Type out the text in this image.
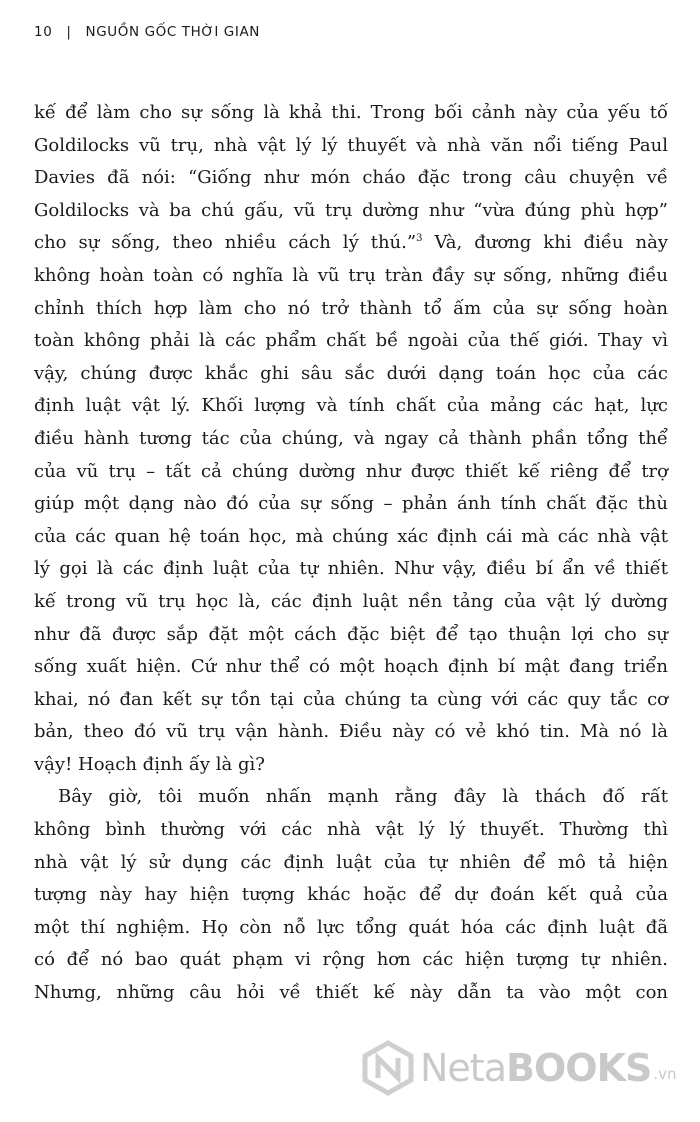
10 | NGUỒN GỐC THỜI GIAN
kế để làm cho sự sống là khả thi. Trong bối cảnh này của yếu tố
Goldilocks vũ trụ, nhà vật lý lý thuyết và nhà văn nổi tiếng Paul
Davies đã nói: “Giống như món cháo đặc trong câu chuyện về
Goldilocks và ba chú gấu, vũ trụ dường như “vừa đúng phù hợp”
cho sự sống, theo nhiều cách lý thú.”$^3$ Và, đương khi điều này
không hoàn toàn có nghĩa là vũ trụ tràn đầy sự sống, những điều
chỉnh thích hợp làm cho nó trở thành tổ ấm của sự sống hoàn
toàn không phải là các phẩm chất bề ngoài của thế giới. Thay vì
vậy, chúng được khắc ghi sâu sắc dưới dạng toán học của các
định luật vật lý. Khối lượng và tính chất của mảng các hạt, lực
điều hành tương tác của chúng, và ngay cả thành phần tổng thể
của vũ trụ – tất cả chúng dường như được thiết kế riêng để trợ
giúp một dạng nào đó của sự sống – phản ánh tính chất đặc thù
của các quan hệ toán học, mà chúng xác định cái mà các nhà vật
lý gọi là các định luật của tự nhiên. Như vậy, điều bí ẩn về thiết
kế trong vũ trụ học là, các định luật nền tảng của vật lý dường
như đã được sắp đặt một cách đặc biệt để tạo thuận lợi cho sự
sống xuất hiện. Cứ như thể có một hoạch định bí mật đang triển
khai, nó đan kết sự tồn tại của chúng ta cùng với các quy tắc cơ
bản, theo đó vũ trụ vận hành. Điều này có vẻ khó tin. Mà nó là
vậy! Hoạch định ấy là gì?
Bây giờ, tôi muốn nhấn mạnh rằng đây là thách đố rất
không bình thường với các nhà vật lý lý thuyết. Thường thì
nhà vật lý sử dụng các định luật của tự nhiên để mô tả hiện
tượng này hay hiện tượng khác hoặc để dự đoán kết quả của
một thí nghiệm. Họ còn nỗ lực tổng quát hóa các định luật đã
có để nó bao quát phạm vi rộng hơn các hiện tượng tự nhiên.
Nhưng, những câu hỏi về thiết kế này dẫn ta vào một con
NetaBOOKS .vn
